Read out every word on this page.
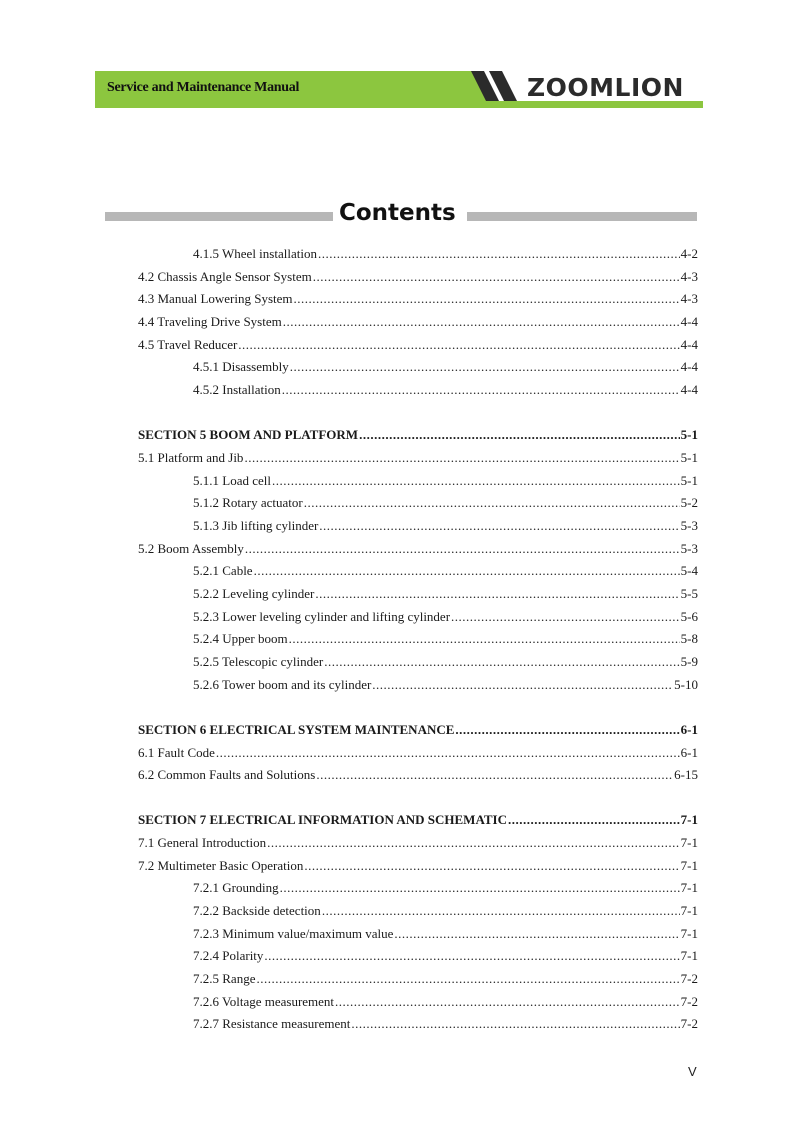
Service and Maintenance Manual	ZOOMLION
Contents
4.1.5 Wheel installation .....	4-2
4.2 Chassis Angle Sensor System .....	4-3
4.3 Manual Lowering System .....	4-3
4.4 Traveling Drive System .....	4-4
4.5 Travel Reducer .....	4-4
4.5.1 Disassembly .....	4-4
4.5.2 Installation .....	4-4
SECTION 5 BOOM AND PLATFORM .....	5-1
5.1 Platform and Jib .....	5-1
5.1.1 Load cell .....	5-1
5.1.2 Rotary actuator .....	5-2
5.1.3 Jib lifting cylinder .....	5-3
5.2 Boom Assembly .....	5-3
5.2.1 Cable .....	5-4
5.2.2 Leveling cylinder .....	5-5
5.2.3 Lower leveling cylinder and lifting cylinder .....	5-6
5.2.4 Upper boom .....	5-8
5.2.5 Telescopic cylinder .....	5-9
5.2.6 Tower boom and its cylinder .....	5-10
SECTION 6 ELECTRICAL SYSTEM MAINTENANCE .....	6-1
6.1 Fault Code .....	6-1
6.2 Common Faults and Solutions .....	6-15
SECTION 7 ELECTRICAL INFORMATION AND SCHEMATIC .....	7-1
7.1 General Introduction .....	7-1
7.2 Multimeter Basic Operation .....	7-1
7.2.1 Grounding .....	7-1
7.2.2 Backside detection .....	7-1
7.2.3 Minimum value/maximum value .....	7-1
7.2.4 Polarity .....	7-1
7.2.5 Range .....	7-2
7.2.6 Voltage measurement .....	7-2
7.2.7 Resistance measurement .....	7-2
V
